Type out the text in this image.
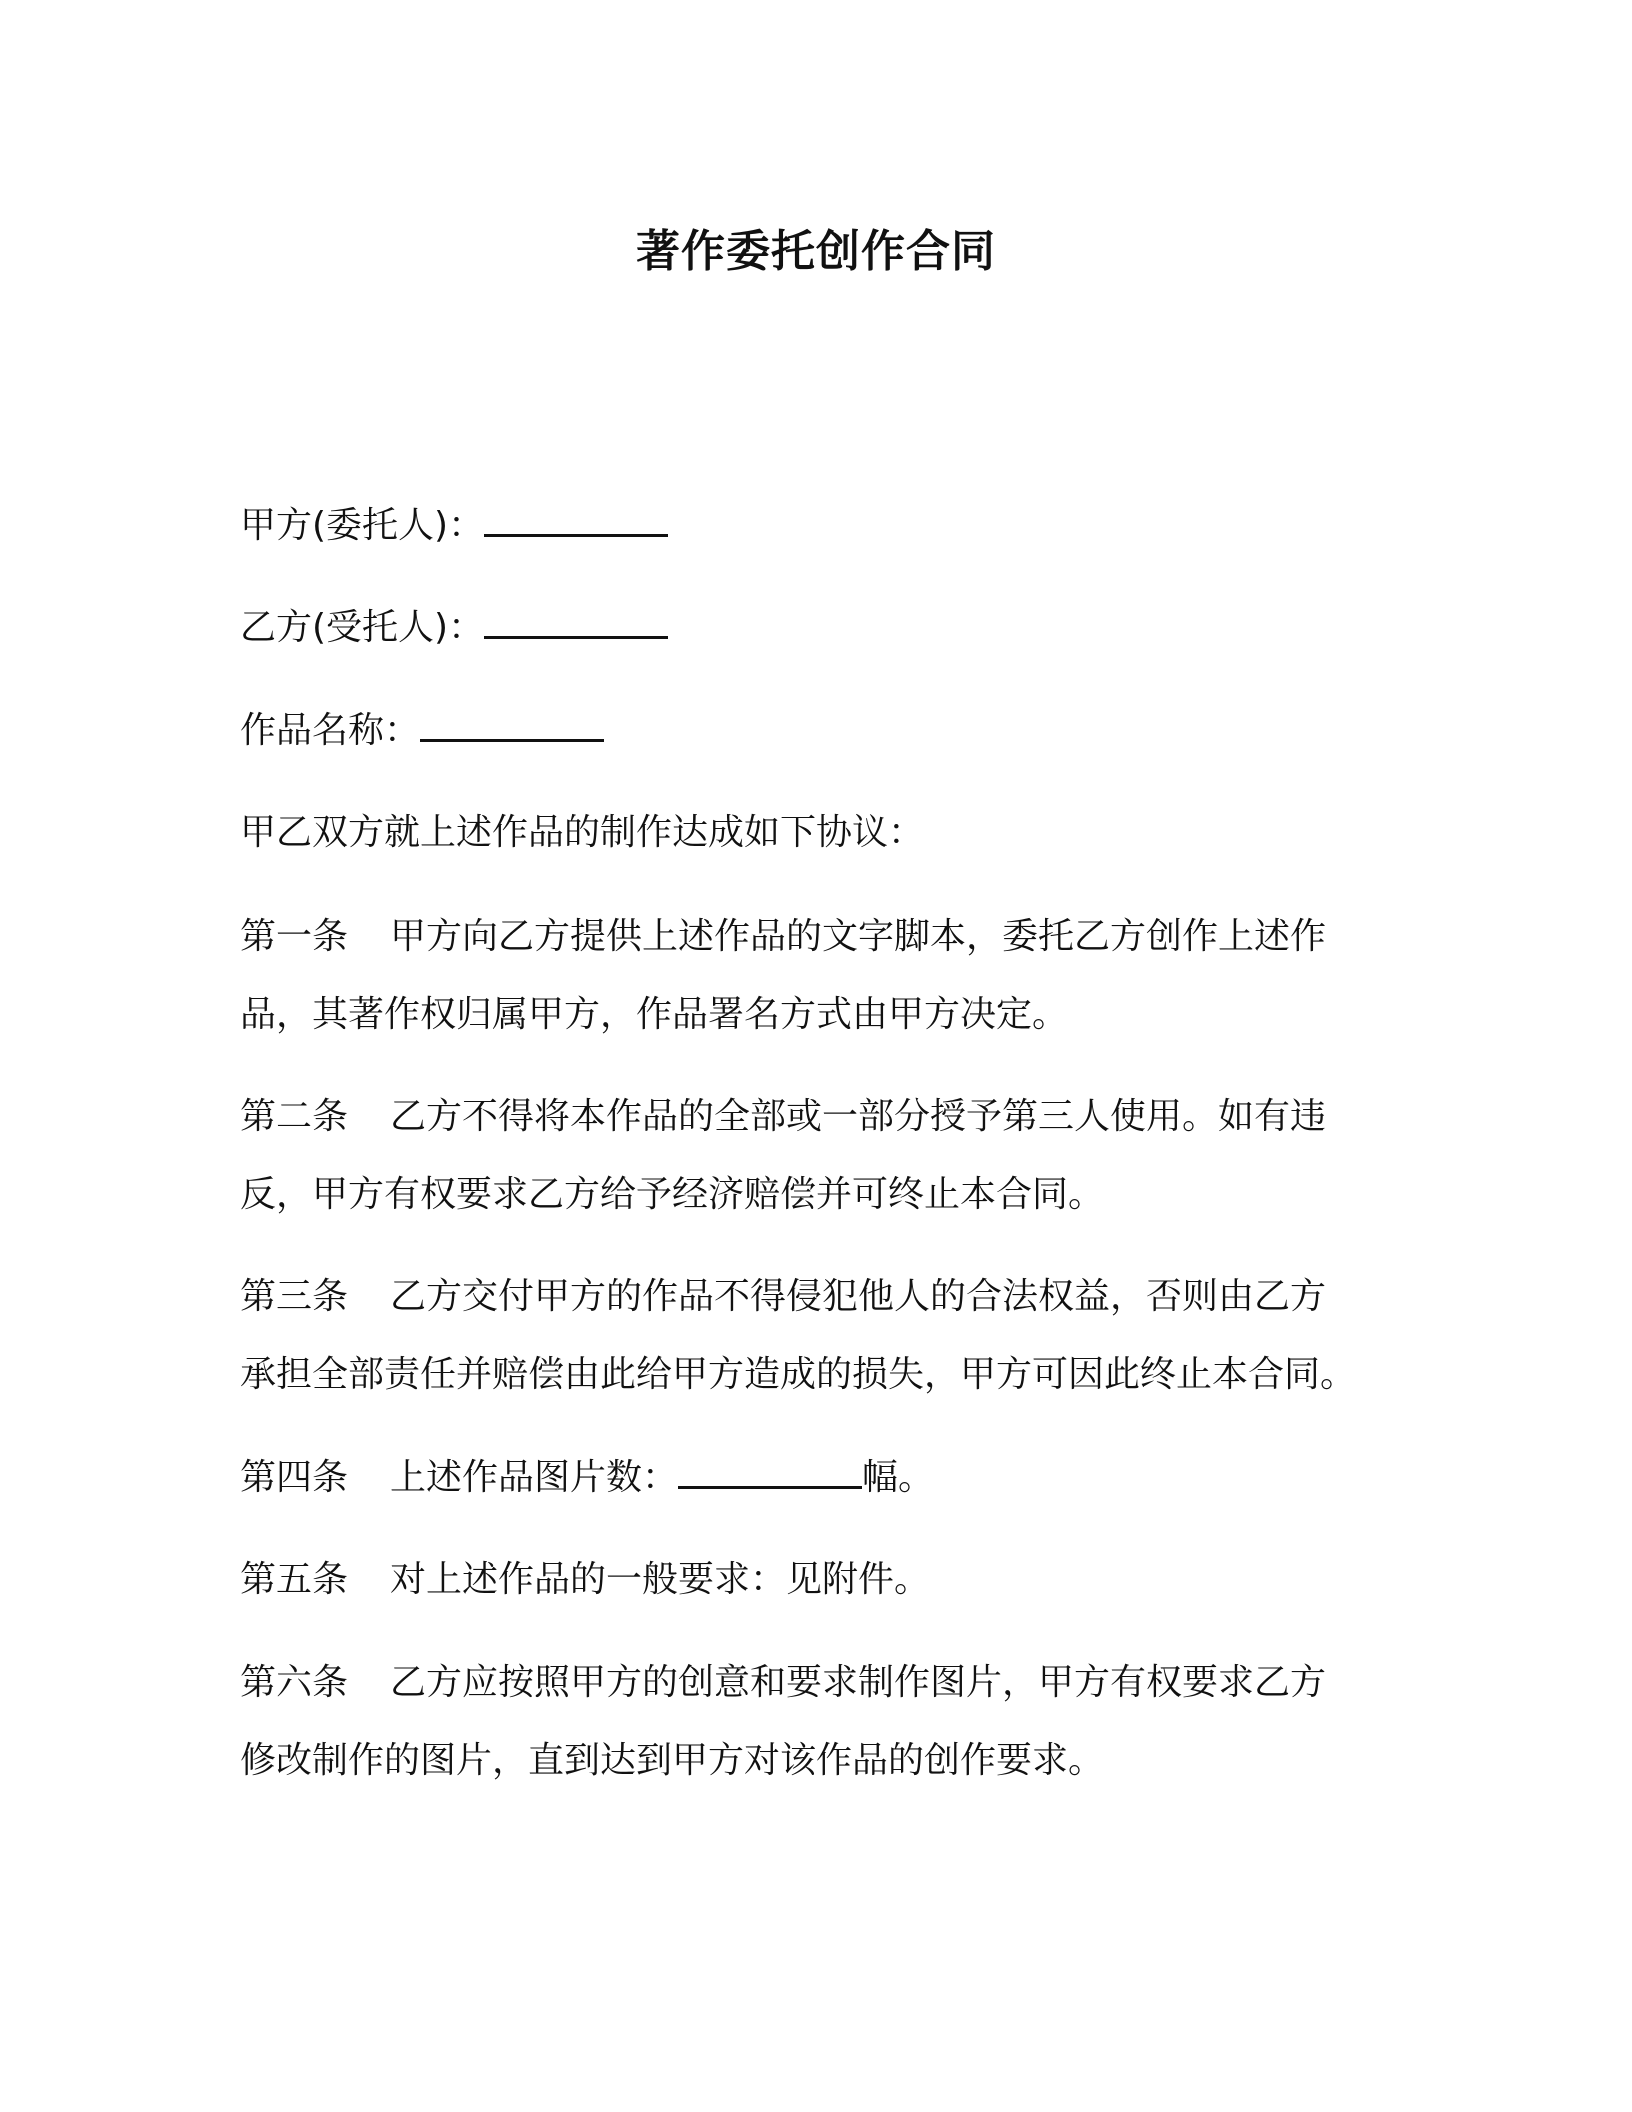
著作委托创作合同
甲方(委托人)：
乙方(受托人)：
作品名称：
甲乙双方就上述作品的制作达成如下协议：
第一条 甲方向乙方提供上述作品的文字脚本，委托乙方创作上述作
品，其著作权归属甲方，作品署名方式由甲方决定。
第二条 乙方不得将本作品的全部或一部分授予第三人使用。如有违
反，甲方有权要求乙方给予经济赔偿并可终止本合同。
第三条 乙方交付甲方的作品不得侵犯他人的合法权益，否则由乙方
承担全部责任并赔偿由此给甲方造成的损失，甲方可因此终止本合同。
第四条 上述作品图片数：	幅。
第五条 对上述作品的一般要求：见附件。
第六条 乙方应按照甲方的创意和要求制作图片，甲方有权要求乙方
修改制作的图片，直到达到甲方对该作品的创作要求。
